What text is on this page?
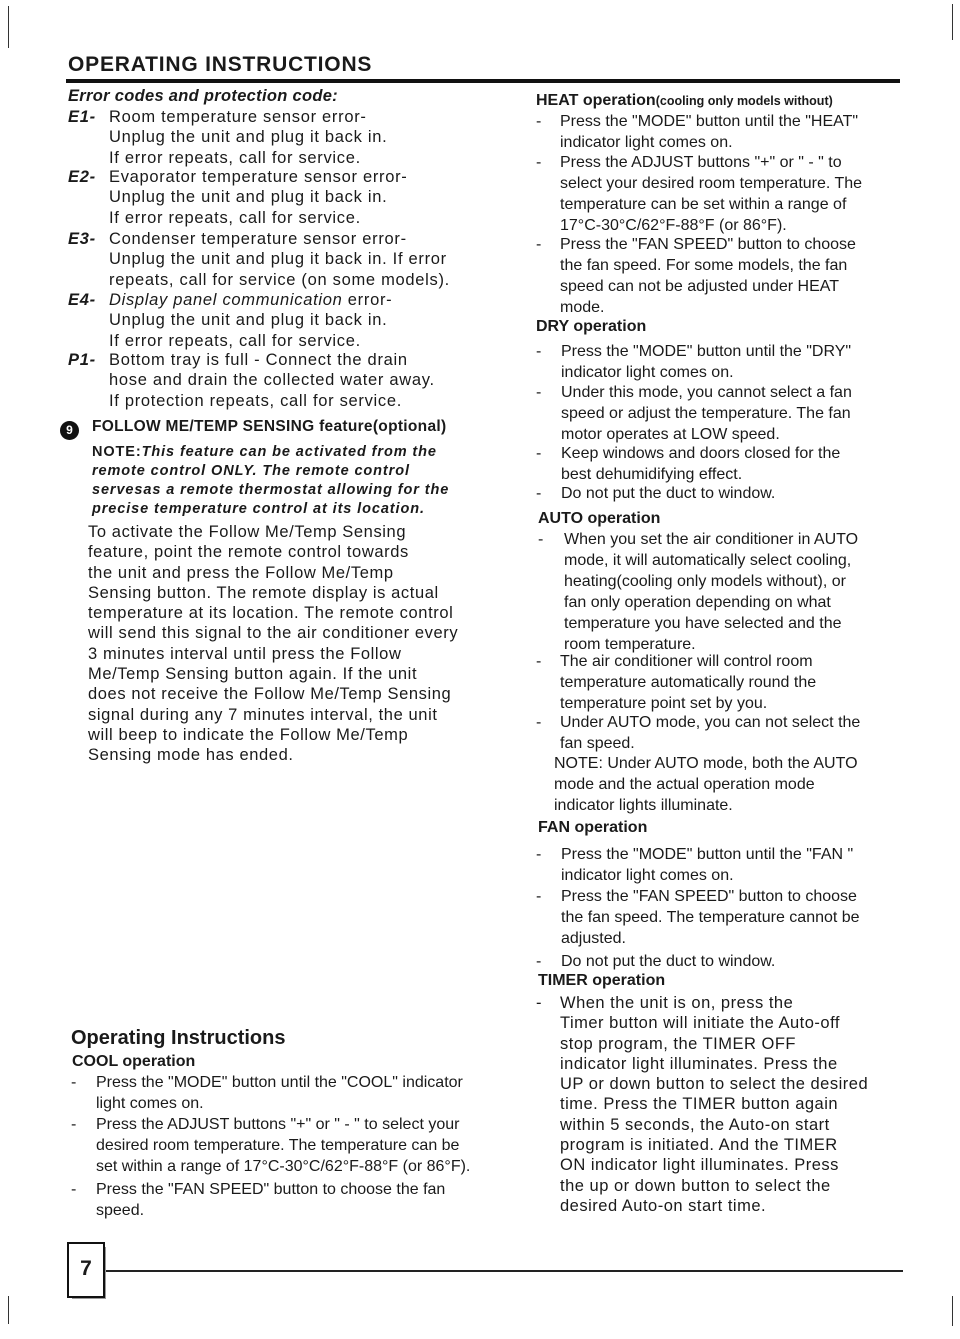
OPERATING INSTRUCTIONS
Error codes and protection code:
E1- Room temperature sensor error-
Unplug the unit and plug it back in.
If error repeats, call for service.
E2- Evaporator temperature sensor error-
Unplug the unit and plug it back in.
If error repeats, call for service.
E3- Condenser temperature sensor error-
Unplug the unit and plug it back in. If error
repeats, call for service (on some models).
E4- Display panel communication error-
Unplug the unit and plug it back in.
If error repeats, call for service.
P1- Bottom tray is full - Connect the drain
hose and drain the collected water away.
If protection repeats, call for service.
9	FOLLOW ME/TEMP SENSING feature(optional)
NOTE:This feature can be activated from the
remote control ONLY. The remote control
servesas a remote thermostat allowing for the
precise temperature control at its location.
To activate the Follow Me/Temp Sensing
feature, point the remote control towards
the unit and press the Follow Me/Temp
Sensing button. The remote display is actual
temperature at its location. The remote control
will send this signal to the air conditioner every
3 minutes interval until press the Follow
Me/Temp Sensing button again. If the unit
does not receive the Follow Me/Temp Sensing
signal during any 7 minutes interval, the unit
will beep to indicate the Follow Me/Temp
Sensing mode has ended.
Operating Instructions
COOL operation
- Press the "MODE" button until the "COOL" indicator
light comes on.
- Press the ADJUST buttons "+" or " - " to select your
desired room temperature. The temperature can be
set within a range of 17°C-30°C/62°F-88°F (or 86°F).
- Press the "FAN SPEED" button to choose the fan
speed.
HEAT operation(cooling only models without)
- Press the "MODE" button until the "HEAT"
indicator light comes on.
- Press the ADJUST buttons "+" or " - " to
select your desired room temperature. The
temperature can be set within a range of
17°C-30°C/62°F-88°F (or 86°F).
- Press the "FAN SPEED" button to choose
the fan speed. For some models, the fan
speed can not be adjusted under HEAT
mode.
DRY operation
- Press the "MODE" button until the "DRY"
indicator light comes on.
- Under this mode, you cannot select a fan
speed or adjust the temperature. The fan
motor operates at LOW speed.
- Keep windows and doors closed for the
best dehumidifying effect.
- Do not put the duct to window.
AUTO operation
- When you set the air conditioner in AUTO
mode, it will automatically select cooling,
heating(cooling only models without), or
fan only operation depending on what
temperature you have selected and the
room temperature.
- The air conditioner will control room
temperature automatically round the
temperature point set by you.
- Under AUTO mode, you can not select the
fan speed.
NOTE: Under AUTO mode, both the AUTO
mode and the actual operation mode
indicator lights illuminate.
FAN operation
- Press the "MODE" button until the "FAN "
indicator light comes on.
- Press the "FAN SPEED" button to choose
the fan speed. The temperature cannot be
adjusted.
- Do not put the duct to window.
TIMER operation
- When the unit is on, press the
Timer button will initiate the Auto-off
stop program, the TIMER OFF
indicator light illuminates. Press the
UP or down button to select the desired
time. Press the TIMER button again
within 5 seconds, the Auto-on start
program is initiated. And the TIMER
ON indicator light illuminates. Press
the up or down button to select the
desired Auto-on start time.
7
